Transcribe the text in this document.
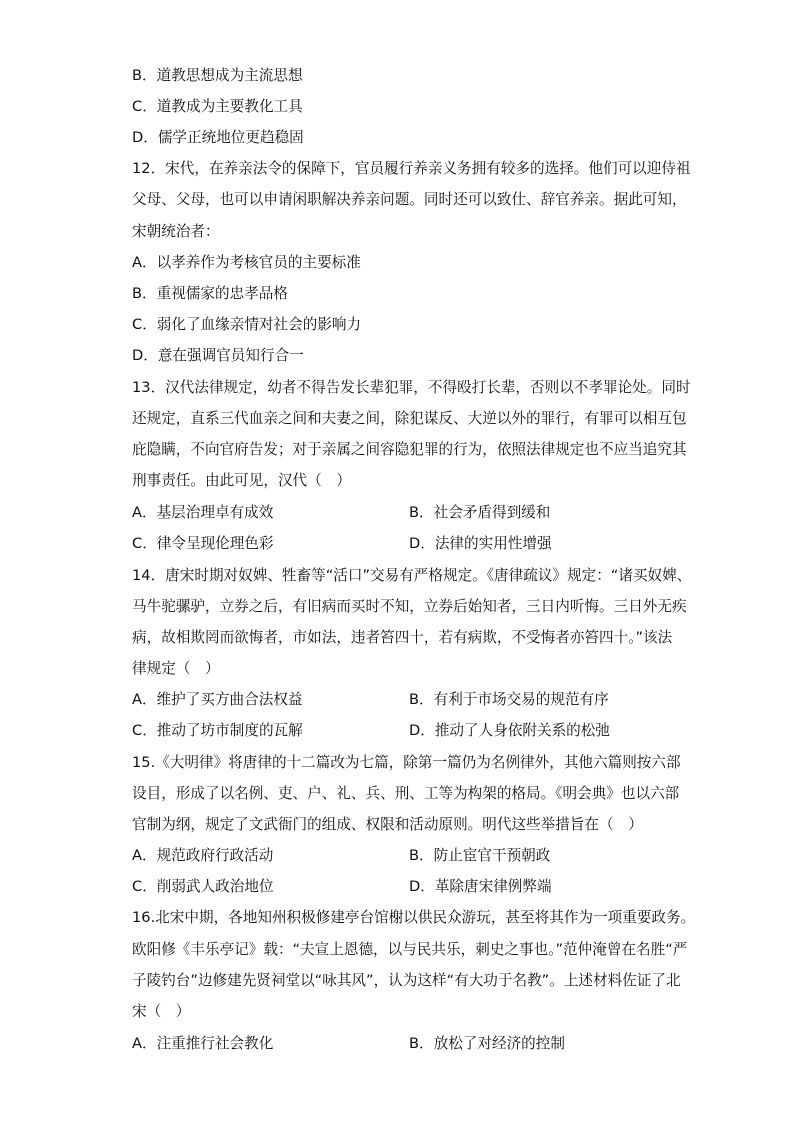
B．道教思想成为主流思想
C．道教成为主要教化工具
D．儒学正统地位更趋稳固
12．宋代，在养亲法令的保障下，官员履行养亲义务拥有较多的选择。他们可以迎侍祖
父母、父母，也可以申请闲职解决养亲问题。同时还可以致仕、辞官养亲。据此可知，
宋朝统治者：
A．以孝养作为考核官员的主要标准
B．重视儒家的忠孝品格
C．弱化了血缘亲情对社会的影响力
D．意在强调官员知行合一
13．汉代法律规定，幼者不得告发长辈犯罪，不得殴打长辈，否则以不孝罪论处。同时
还规定，直系三代血亲之间和夫妻之间，除犯谋反、大逆以外的罪行，有罪可以相互包
庇隐瞒，不向官府告发；对于亲属之间容隐犯罪的行为，依照法律规定也不应当追究其
刑事责任。由此可见，汉代（　）
A．基层治理卓有成效	B．社会矛盾得到缓和
C．律令呈现伦理色彩	D．法律的实用性增强
14．唐宋时期对奴婢、牲畜等“活口”交易有严格规定。《唐律疏议》规定：“诸买奴婢、
马牛驼骡驴，立券之后，有旧病而买时不知，立券后始知者，三日内听悔。三日外无疾
病，故相欺罔而欲悔者，市如法，违者笞四十，若有病欺，不受悔者亦笞四十。”该法
律规定（　）
A．维护了买方曲合法权益	B．有利于市场交易的规范有序
C．推动了坊市制度的瓦解	D．推动了人身依附关系的松弛
15.《大明律》将唐律的十二篇改为七篇，除第一篇仍为名例律外，其他六篇则按六部
设目，形成了以名例、吏、户、礼、兵、刑、工等为构架的格局。《明会典》也以六部
官制为纲，规定了文武衙门的组成、权限和活动原则。明代这些举措旨在（　）
A．规范政府行政活动	B．防止宦官干预朝政
C．削弱武人政治地位	D．革除唐宋律例弊端
16.北宋中期，各地知州积极修建亭台馆榭以供民众游玩，甚至将其作为一项重要政务。
欧阳修《丰乐亭记》载：“夫宣上恩德，以与民共乐，刺史之事也。”范仲淹曾在名胜“严
子陵钓台”边修建先贤祠堂以“咏其风”，认为这样“有大功于名教”。上述材料佐证了北
宋（　）
A．注重推行社会教化	B．放松了对经济的控制
